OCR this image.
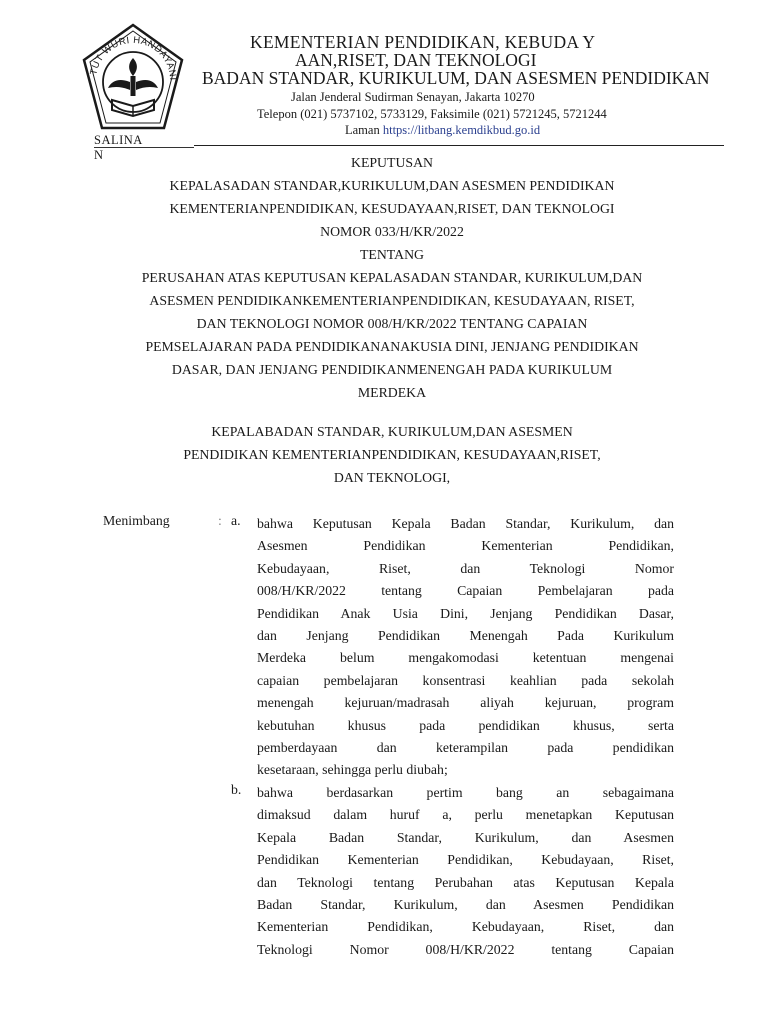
TUT WURI HANDAYANI
KEMENTERIAN PENDIDIKAN, KEBUDA Y
AAN,RISET, DAN TEKNOLOGI
BADAN STANDAR, KURIKULUM, DAN ASESMEN PENDIDIKAN
Jalan Jenderal Sudirman Senayan, Jakarta 10270
Telepon (021) 5737102, 5733129, Faksimile (021) 5721245, 5721244
Laman https://litbang.kemdikbud.go.id
SALINA
N	KEPUTUSAN
KEPALASADAN STANDAR,KURIKULUM,DAN ASESMEN PENDIDIKAN
KEMENTERIANPENDIDIKAN, KESUDAYAAN,RISET, DAN TEKNOLOGI
NOMOR 033/H/KR/2022
TENTANG
PERUSAHAN ATAS KEPUTUSAN KEPALASADAN STANDAR, KURIKULUM,DAN
ASESMEN PENDIDIKANKEMENTERIANPENDIDIKAN, KESUDAYAAN, RISET,
DAN TEKNOLOGI NOMOR 008/H/KR/2022 TENTANG CAPAIAN
PEMSELAJARAN PADA PENDIDIKANANAKUSIA DINI, JENJANG PENDIDIKAN
DASAR, DAN JENJANG PENDIDIKANMENENGAH PADA KURIKULUM
MERDEKA
KEPALABADAN STANDAR, KURIKULUM,DAN ASESMEN
PENDIDIKAN KEMENTERIANPENDIDIKAN, KESUDAYAAN,RISET,
DAN TEKNOLOGI,
Menimbang	: a. bahwa Keputusan Kepala Badan Standar, Kurikulum, dan
Asesmen Pendidikan Kementerian Pendidikan,
Kebudayaan, Riset, dan Teknologi Nomor
008/H/KR/2022 tentang Capaian Pembelajaran pada
Pendidikan Anak Usia Dini, Jenjang Pendidikan Dasar,
dan Jenjang Pendidikan Menengah Pada Kurikulum
Merdeka belum mengakomodasi ketentuan mengenai
capaian pembelajaran konsentrasi keahlian pada sekolah
menengah kejuruan/madrasah aliyah kejuruan, program
kebutuhan khusus pada pendidikan khusus, serta
pemberdayaan dan keterampilan pada pendidikan
kesetaraan, sehingga perlu diubah;
b. bahwa berdasarkan pertim bang an sebagaimana
dimaksud dalam huruf a, perlu menetapkan Keputusan
Kepala Badan Standar, Kurikulum, dan Asesmen
Pendidikan Kementerian Pendidikan, Kebudayaan, Riset,
dan Teknologi tentang Perubahan atas Keputusan Kepala
Badan Standar, Kurikulum, dan Asesmen Pendidikan
Kementerian Pendidikan, Kebudayaan, Riset, dan
Teknologi Nomor 008/H/KR/2022 tentang Capaian
